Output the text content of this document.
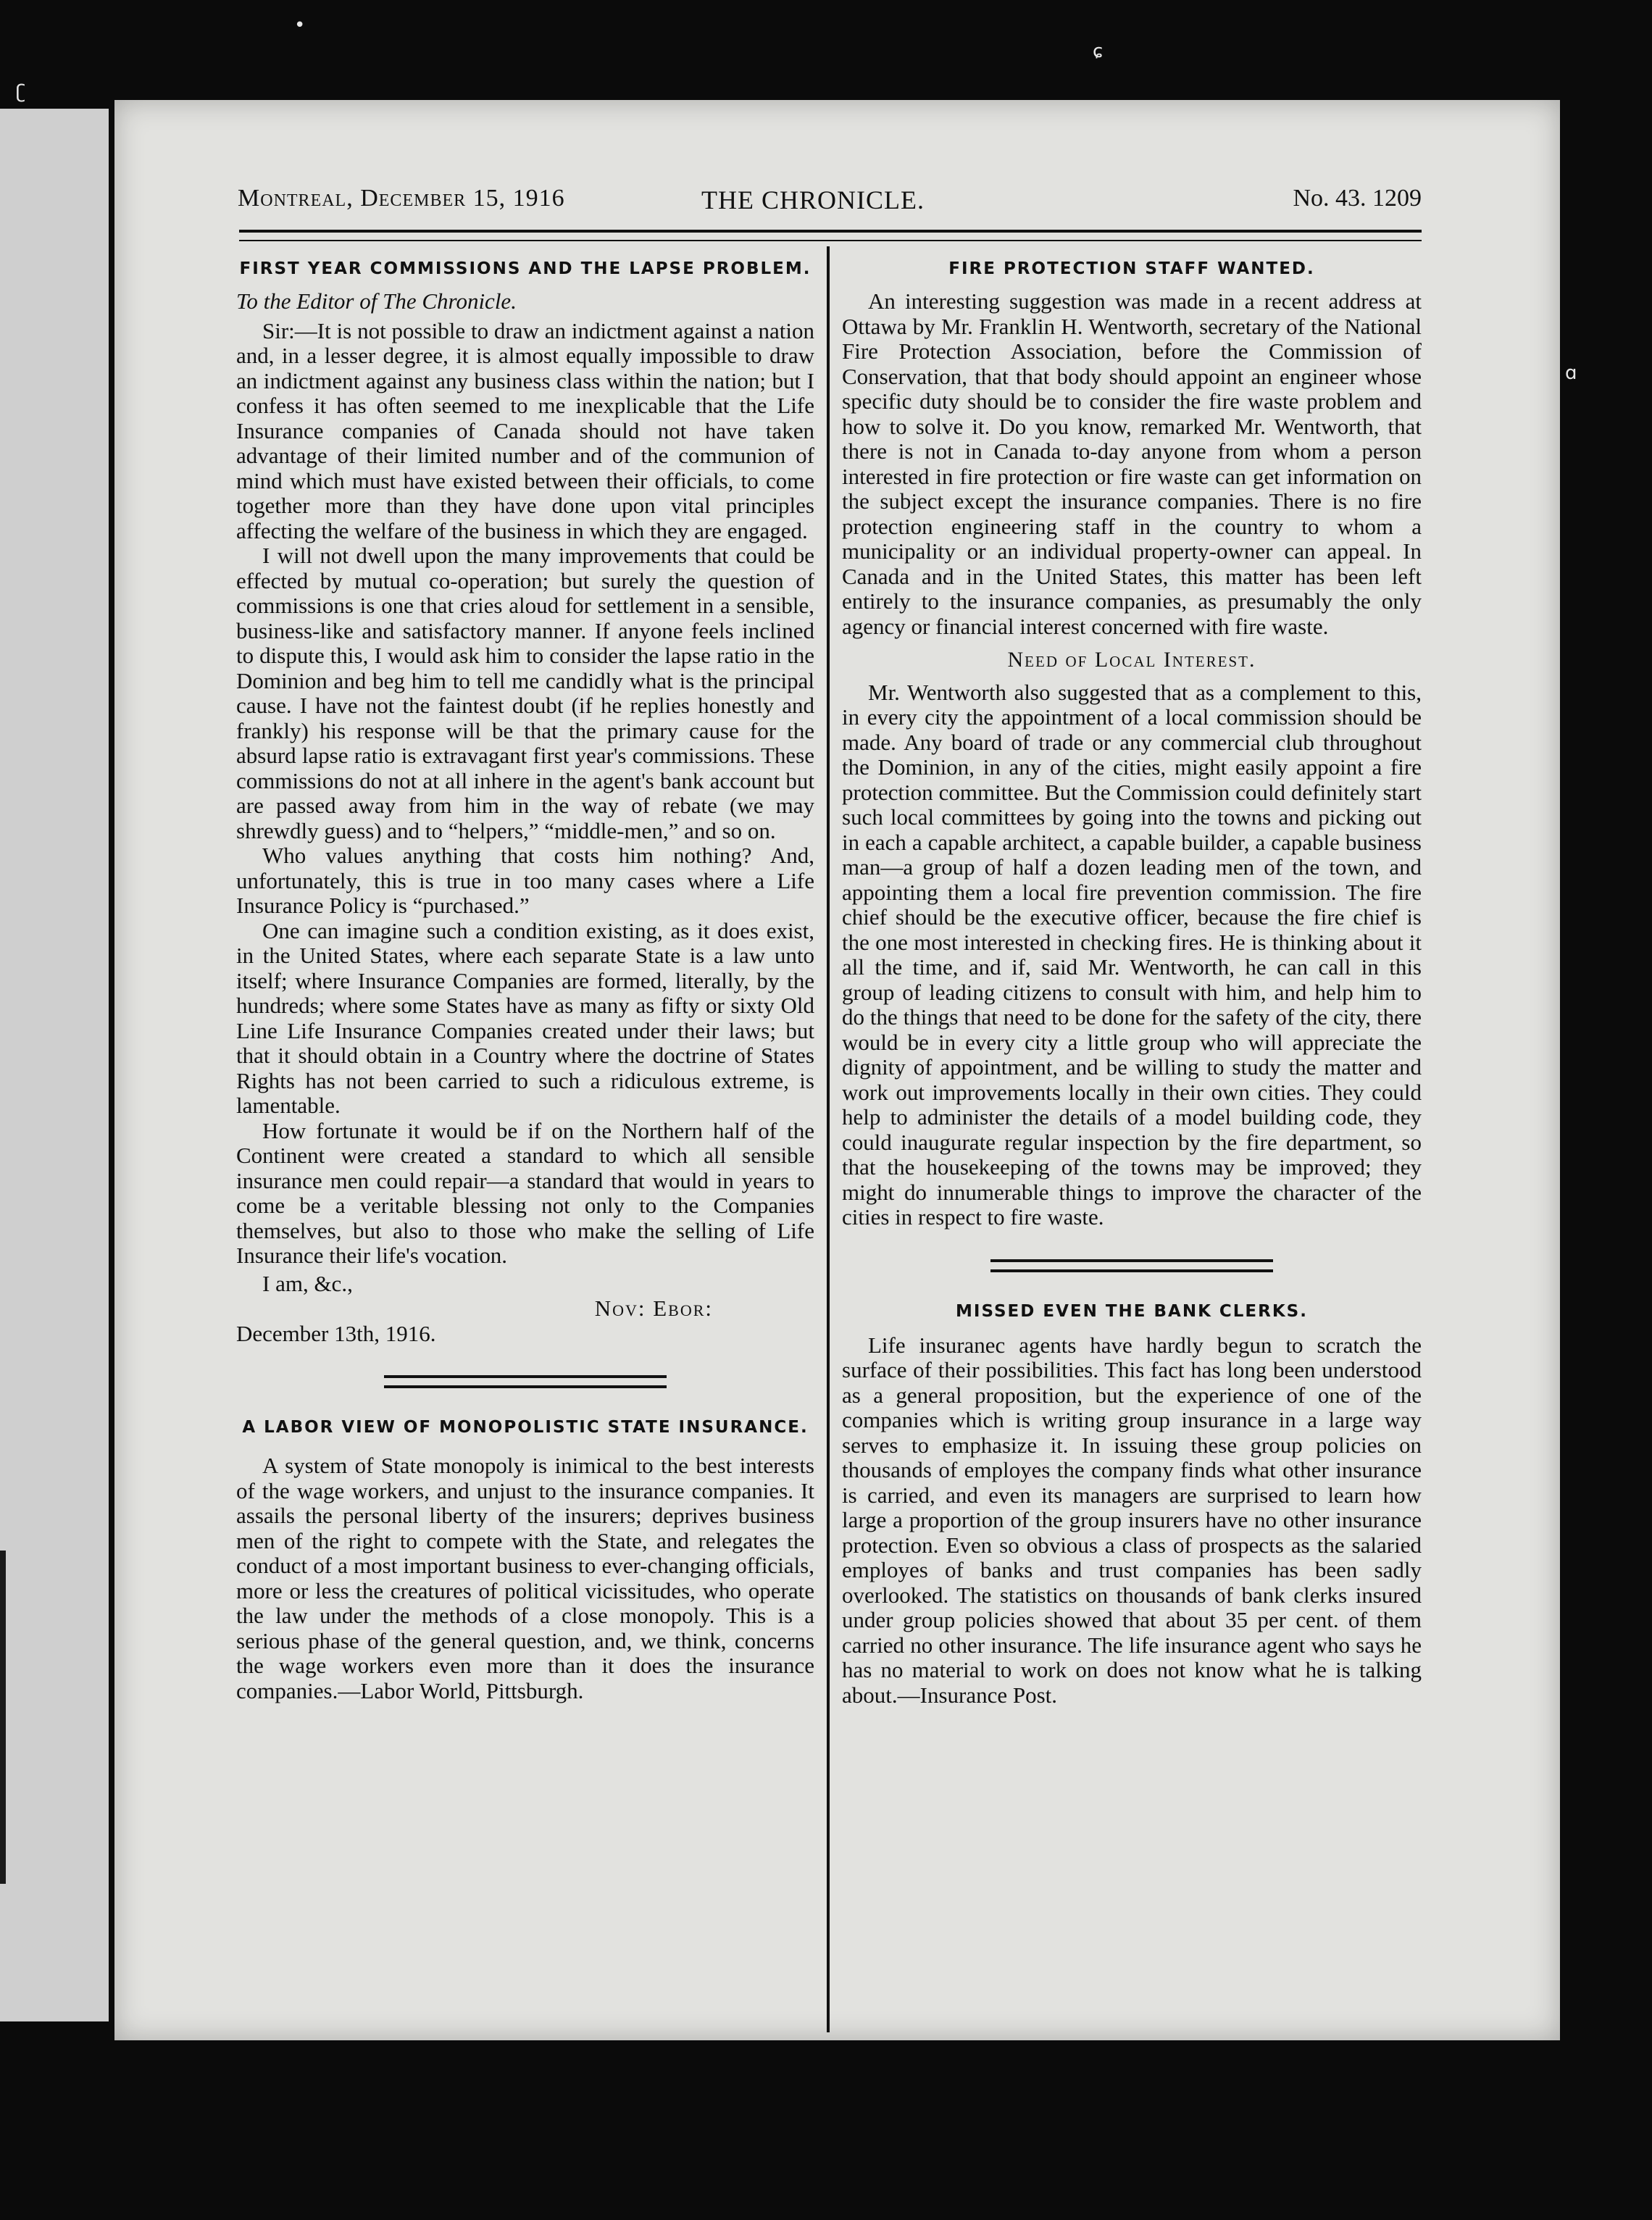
ʗ
•
ɕ
ɑ
Montreal, December 15, 1916	THE CHRONICLE.	No. 43. 1209
FIRST YEAR COMMISSIONS AND THE LAPSE PROBLEM.

To the Editor of The Chronicle.

Sir:—It is not possible to draw an indictment against a nation and, in a lesser degree, it is almost equally impossible to draw an indictment against any business class within the nation; but I confess it has often seemed to me inexplicable that the Life Insurance companies of Canada should not have taken advantage of their limited number and of the communion of mind which must have existed between their officials, to come together more than they have done upon vital principles affecting the welfare of the business in which they are engaged.

I will not dwell upon the many improvements that could be effected by mutual co-operation; but surely the question of commissions is one that cries aloud for settlement in a sensible, business-like and satisfactory manner. If anyone feels inclined to dispute this, I would ask him to consider the lapse ratio in the Dominion and beg him to tell me candidly what is the principal cause. I have not the faintest doubt (if he replies honestly and frankly) his response will be that the primary cause for the absurd lapse ratio is extravagant first year's commissions. These commissions do not at all inhere in the agent's bank account but are passed away from him in the way of rebate (we may shrewdly guess) and to “helpers,” “middle-men,” and so on.

Who values anything that costs him nothing? And, unfortunately, this is true in too many cases where a Life Insurance Policy is “purchased.”

One can imagine such a condition existing, as it does exist, in the United States, where each separate State is a law unto itself; where Insurance Companies are formed, literally, by the hundreds; where some States have as many as fifty or sixty Old Line Life Insurance Companies created under their laws; but that it should obtain in a Country where the doctrine of States Rights has not been carried to such a ridiculous extreme, is lamentable.

How fortunate it would be if on the Northern half of the Continent were created a standard to which all sensible insurance men could repair—a standard that would in years to come be a veritable blessing not only to the Companies themselves, but also to those who make the selling of Life Insurance their life's vocation.

I am, &c.,

Nov: Ebor:

December 13th, 1916.

A LABOR VIEW OF MONOPOLISTIC STATE INSURANCE.

A system of State monopoly is inimical to the best interests of the wage workers, and unjust to the insurance companies. It assails the personal liberty of the insurers; deprives business men of the right to compete with the State, and relegates the conduct of a most important business to ever-changing officials, more or less the creatures of political vicissitudes, who operate the law under the methods of a close monopoly. This is a serious phase of the general question, and, we think, concerns the wage workers even more than it does the insurance companies.—Labor World, Pittsburgh.

FIRE PROTECTION STAFF WANTED.

An interesting suggestion was made in a recent address at Ottawa by Mr. Franklin H. Wentworth, secretary of the National Fire Protection Association, before the Commission of Conservation, that that body should appoint an engineer whose specific duty should be to consider the fire waste problem and how to solve it. Do you know, remarked Mr. Wentworth, that there is not in Canada to-day anyone from whom a person interested in fire protection or fire waste can get information on the subject except the insurance companies. There is no fire protection engineering staff in the country to whom a municipality or an individual property-owner can appeal. In Canada and in the United States, this matter has been left entirely to the insurance companies, as presumably the only agency or financial interest concerned with fire waste.

Need of Local Interest.

Mr. Wentworth also suggested that as a complement to this, in every city the appointment of a local commission should be made. Any board of trade or any commercial club throughout the Dominion, in any of the cities, might easily appoint a fire protection committee. But the Commission could definitely start such local committees by going into the towns and picking out in each a capable architect, a capable builder, a capable business man—a group of half a dozen leading men of the town, and appointing them a local fire prevention commission. The fire chief should be the executive officer, because the fire chief is the one most interested in checking fires. He is thinking about it all the time, and if, said Mr. Wentworth, he can call in this group of leading citizens to consult with him, and help him to do the things that need to be done for the safety of the city, there would be in every city a little group who will appreciate the dignity of appointment, and be willing to study the matter and work out improvements locally in their own cities. They could help to administer the details of a model building code, they could inaugurate regular inspection by the fire department, so that the housekeeping of the towns may be improved; they might do innumerable things to improve the character of the cities in respect to fire waste.

MISSED EVEN THE BANK CLERKS.

Life insuranec agents have hardly begun to scratch the surface of their possibilities. This fact has long been understood as a general proposition, but the experience of one of the companies which is writing group insurance in a large way serves to emphasize it. In issuing these group policies on thousands of employes the company finds what other insurance is carried, and even its managers are surprised to learn how large a proportion of the group insurers have no other insurance protection. Even so obvious a class of prospects as the salaried employes of banks and trust companies has been sadly overlooked. The statistics on thousands of bank clerks insured under group policies showed that about 35 per cent. of them carried no other insurance. The life insurance agent who says he has no material to work on does not know what he is talking about.—Insurance Post.
